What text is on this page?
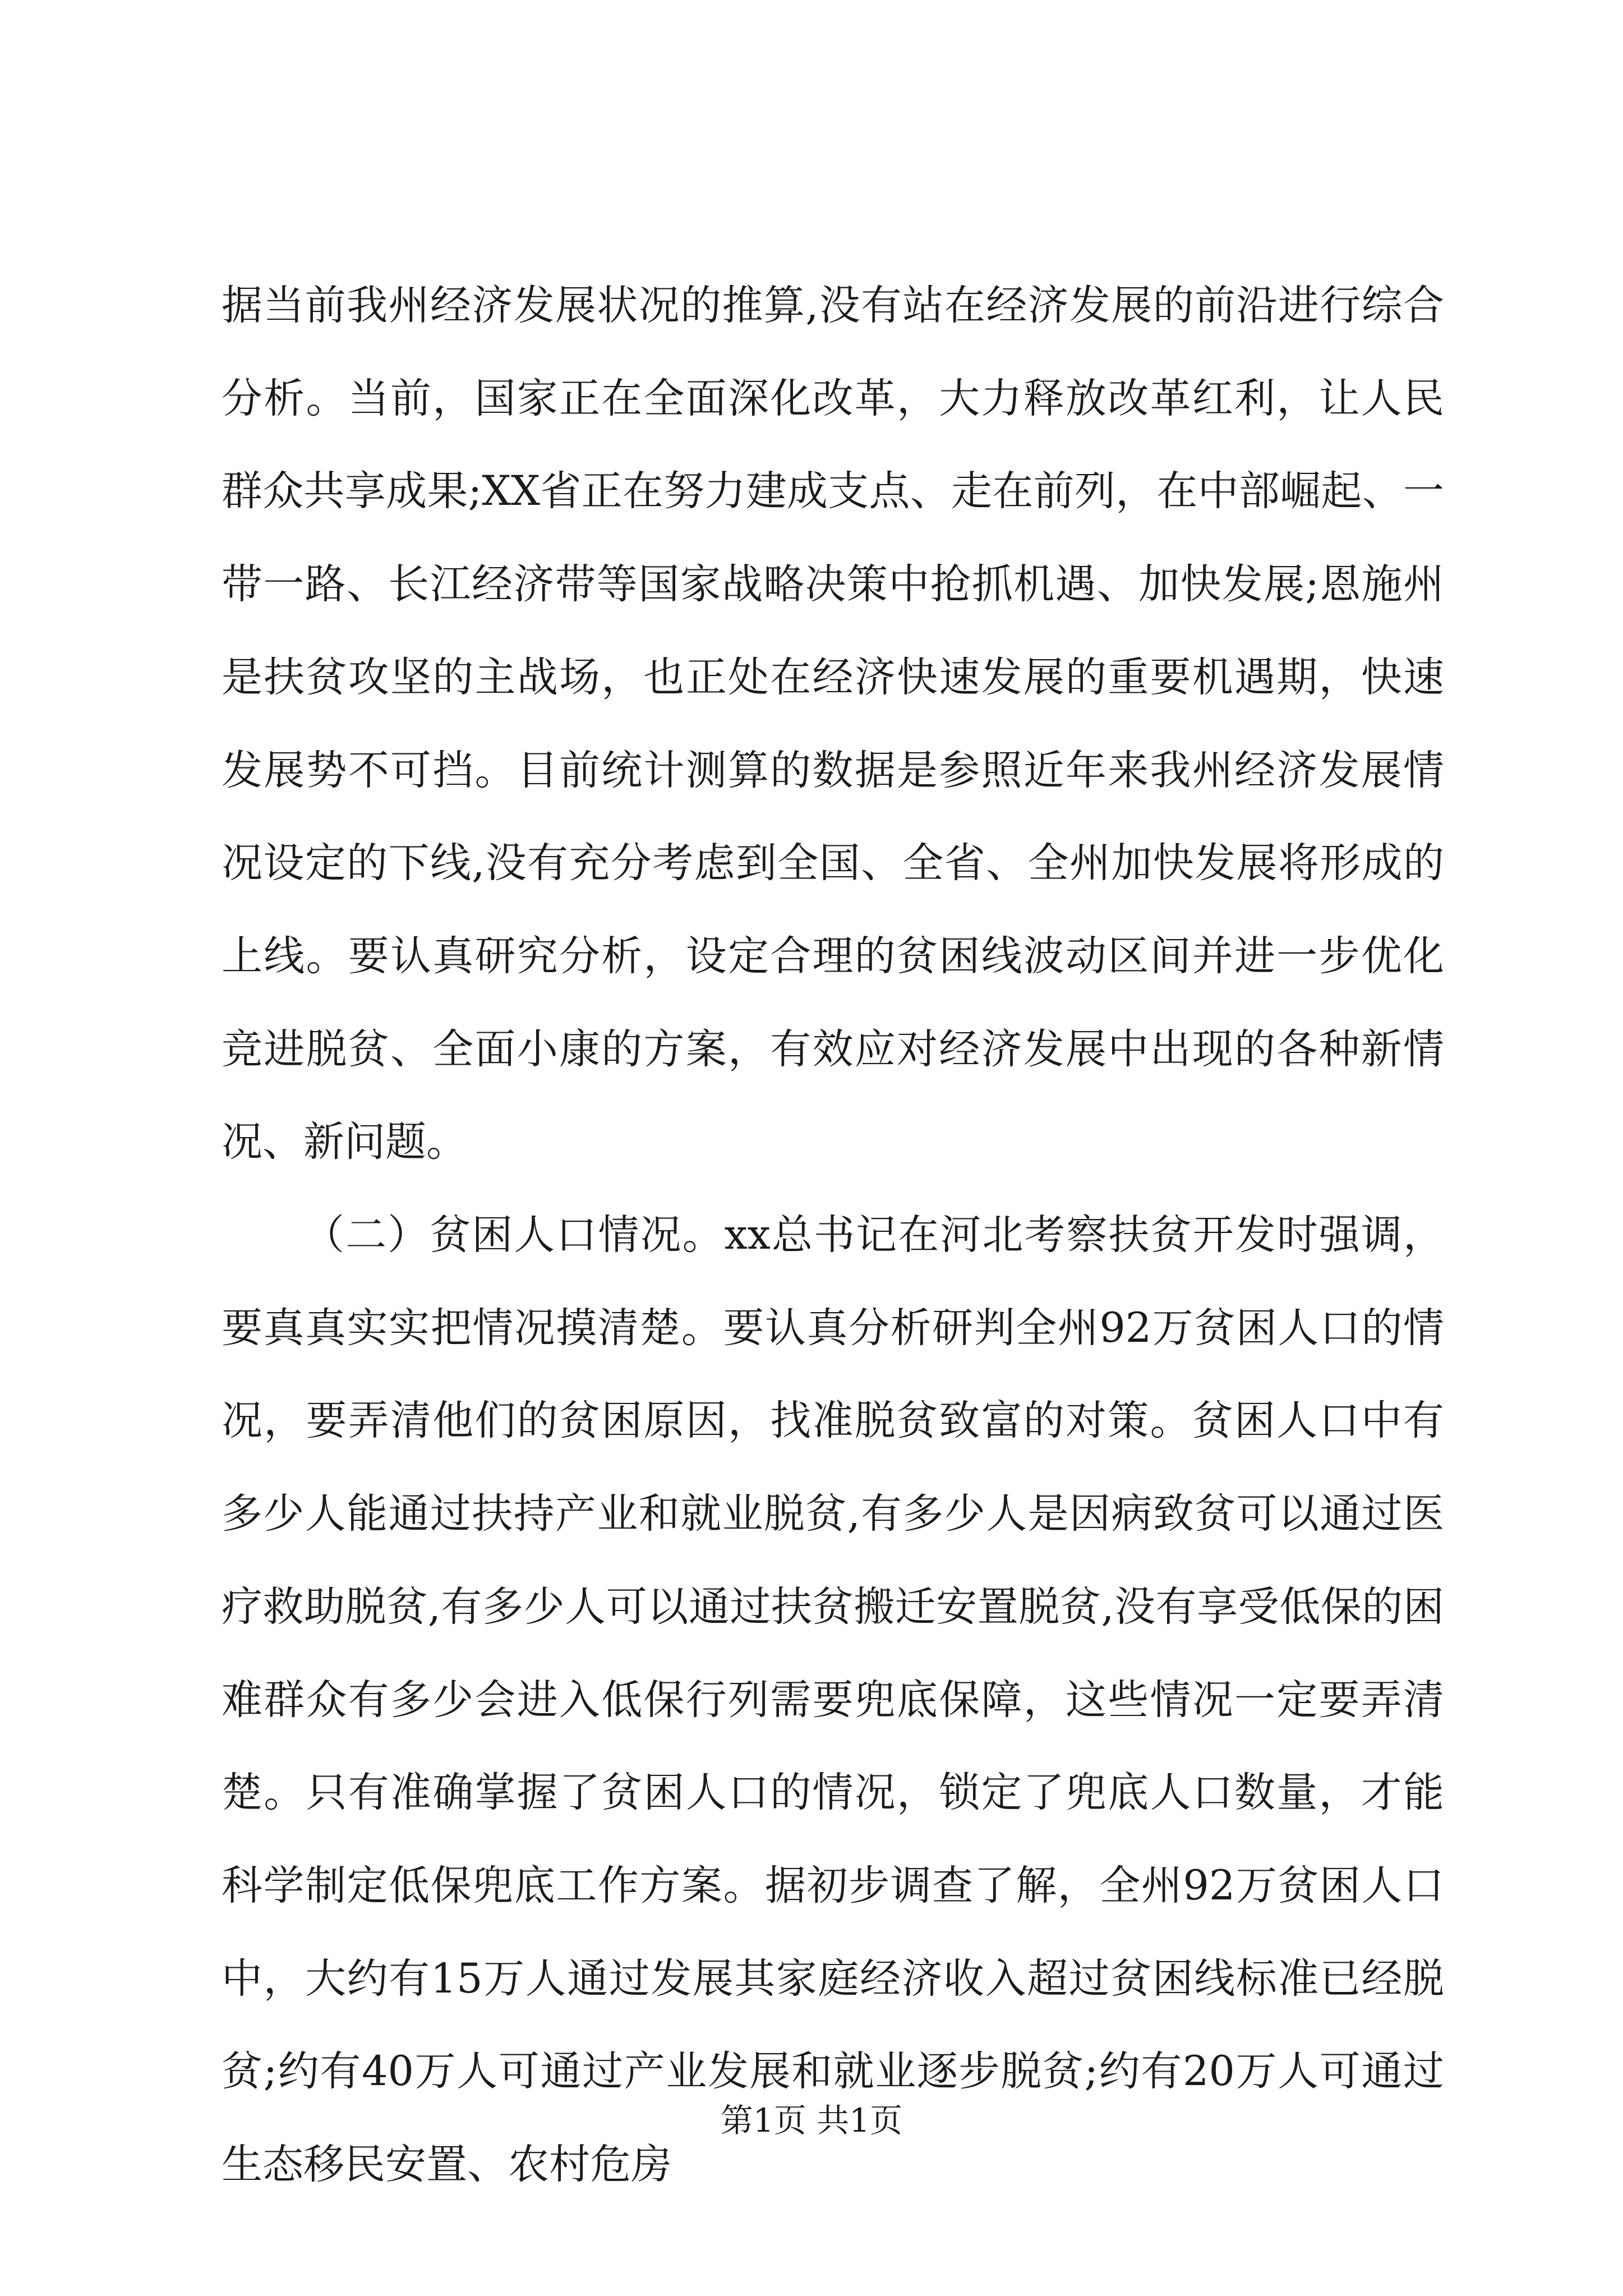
据当前我州经济发展状况的推算,没有站在经济发展的前沿进行综合分析。当前，国家正在全面深化改革，大力释放改革红利，让人民群众共享成果;XX省正在努力建成支点、走在前列，在中部崛起、一带一路、长江经济带等国家战略决策中抢抓机遇、加快发展;恩施州是扶贫攻坚的主战场，也正处在经济快速发展的重要机遇期，快速发展势不可挡。目前统计测算的数据是参照近年来我州经济发展情况设定的下线,没有充分考虑到全国、全省、全州加快发展将形成的上线。要认真研究分析，设定合理的贫困线波动区间并进一步优化竞进脱贫、全面小康的方案，有效应对经济发展中出现的各种新情况、新问题。

（二）贫困人口情况。xx总书记在河北考察扶贫开发时强调，要真真实实把情况摸清楚。要认真分析研判全州92万贫困人口的情况，要弄清他们的贫困原因，找准脱贫致富的对策。贫困人口中有多少人能通过扶持产业和就业脱贫,有多少人是因病致贫可以通过医疗救助脱贫,有多少人可以通过扶贫搬迁安置脱贫,没有享受低保的困难群众有多少会进入低保行列需要兜底保障，这些情况一定要弄清楚。只有准确掌握了贫困人口的情况，锁定了兜底人口数量，才能科学制定低保兜底工作方案。据初步调查了解，全州92万贫困人口中，大约有15万人通过发展其家庭经济收入超过贫困线标准已经脱贫;约有40万人可通过产业发展和就业逐步脱贫;约有20万人可通过生态移民安置、农村危房

第1页 共1页
